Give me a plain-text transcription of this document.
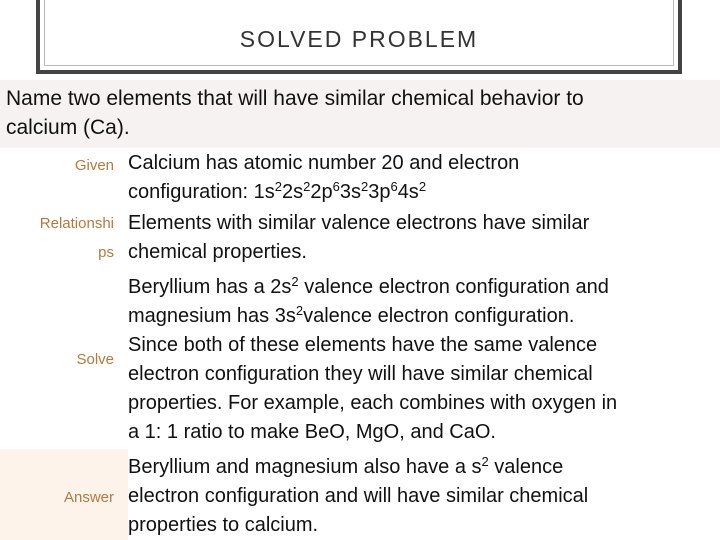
SOLVED PROBLEM
Name two elements that will have similar chemical behavior to
calcium (Ca).
Given Calcium has atomic number 20 and electron
configuration: $1s^22s^22p^63s^23p^64s^2$
Relationshi
ps
Elements with similar valence electrons have similar
chemical properties.
Solve
Beryllium has a $2s^2$ valence electron configuration and
magnesium has $3s^2valence$ electron configuration.
Since both of these elements have the same valence
electron configuration they will have similar chemical
properties. For example, each combines with oxygen in
a 1: 1 ratio to make BeO, MgO, and CaO.
Answer
Beryllium and magnesium also have a $s^2$ valence
electron configuration and will have similar chemical
properties to calcium.
